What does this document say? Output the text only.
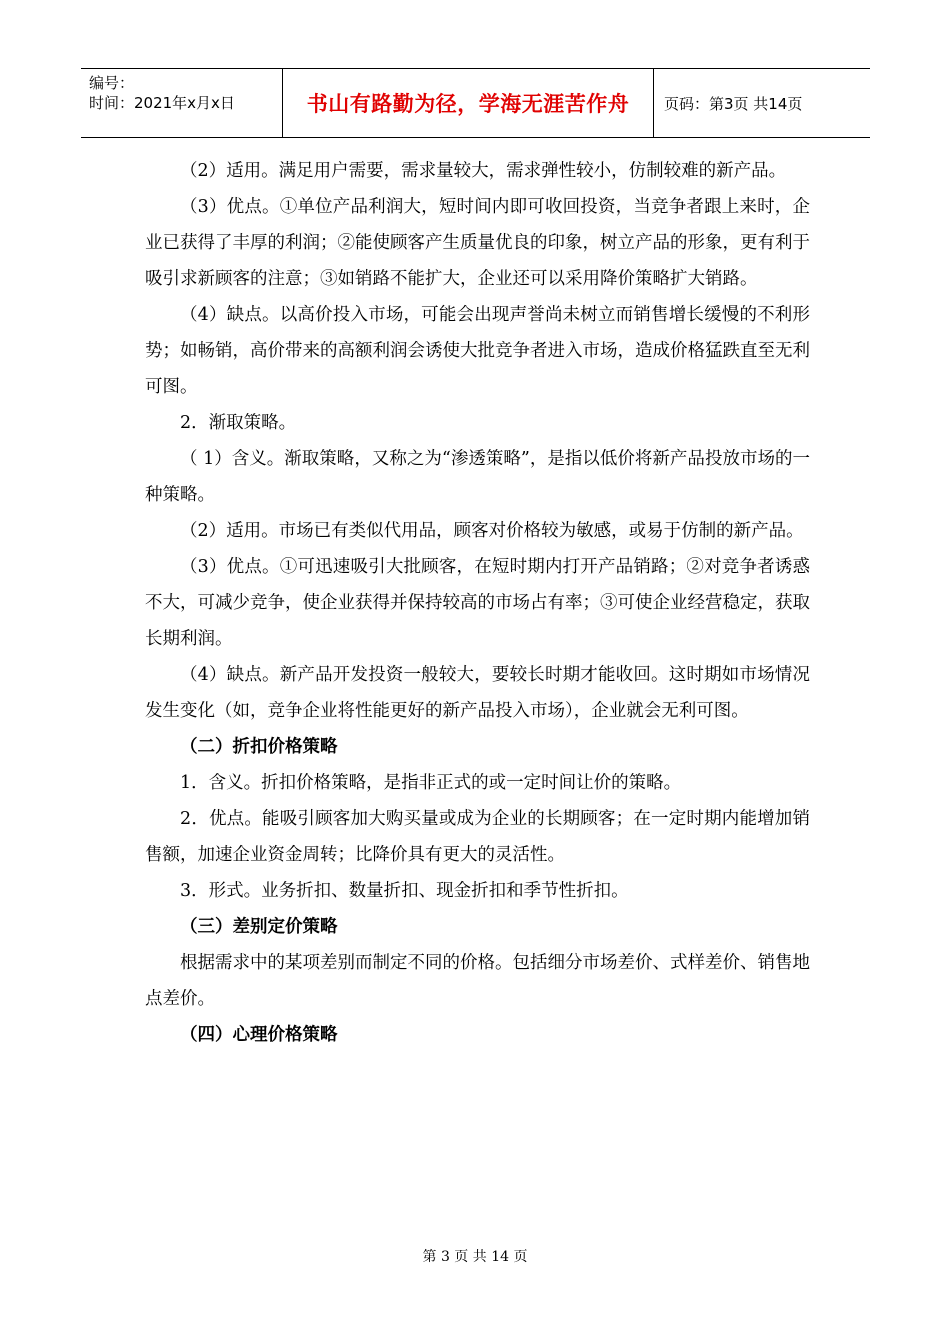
编号：
时间：2021年x月x日	书山有路勤为径，学海无涯苦作舟	页码：第3页 共14页

（2）适用。满足用户需要，需求量较大，需求弹性较小，仿制较难的新产品。

（3）优点。①单位产品利润大，短时间内即可收回投资，当竞争者跟上来时，企业已获得了丰厚的利润；②能使顾客产生质量优良的印象，树立产品的形象，更有利于吸引求新顾客的注意；③如销路不能扩大，企业还可以采用降价策略扩大销路。

（4）缺点。以高价投入市场，可能会出现声誉尚未树立而销售增长缓慢的不利形势；如畅销，高价带来的高额利润会诱使大批竞争者进入市场，造成价格猛跌直至无利可图。

2．渐取策略。

（ 1）含义。渐取策略，又称之为“渗透策略”，是指以低价将新产品投放市场的一种策略。

（2）适用。市场已有类似代用品，顾客对价格较为敏感，或易于仿制的新产品。

（3）优点。①可迅速吸引大批顾客，在短时期内打开产品销路；②对竞争者诱惑不大，可减少竞争，使企业获得并保持较高的市场占有率；③可使企业经营稳定，获取长期利润。

（4）缺点。新产品开发投资一般较大，要较长时期才能收回。这时期如市场情况发生变化（如，竞争企业将性能更好的新产品投入市场），企业就会无利可图。

（二）折扣价格策略

1．含义。折扣价格策略，是指非正式的或一定时间让价的策略。

2．优点。能吸引顾客加大购买量或成为企业的长期顾客；在一定时期内能增加销售额，加速企业资金周转；比降价具有更大的灵活性。

3．形式。业务折扣、数量折扣、现金折扣和季节性折扣。

（三）差别定价策略

根据需求中的某项差别而制定不同的价格。包括细分市场差价、式样差价、销售地点差价。

（四）心理价格策略

第 3 页 共 14 页
